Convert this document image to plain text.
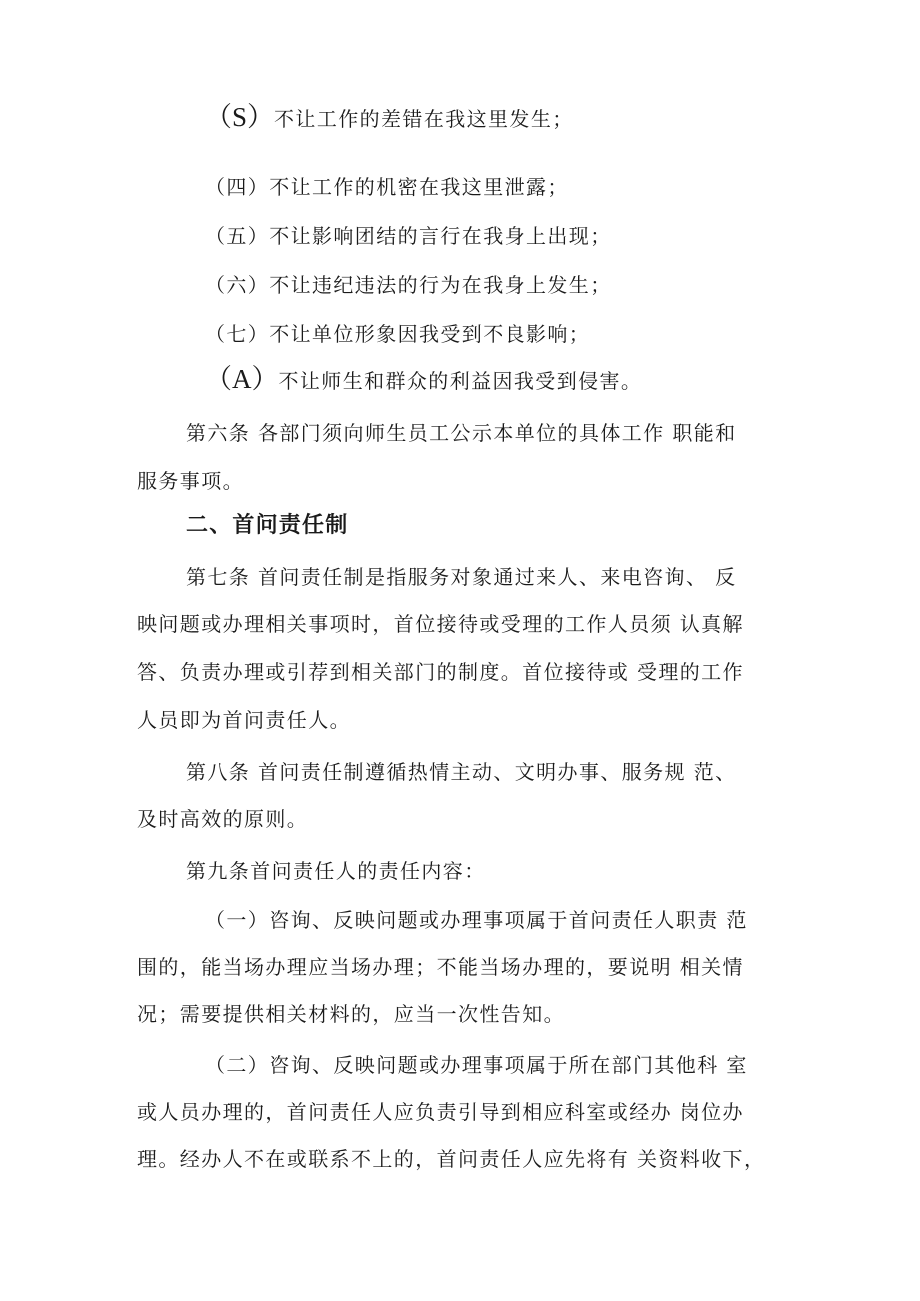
（S）不让工作的差错在我这里发生；
（四）不让工作的机密在我这里泄露；
（五）不让影响团结的言行在我身上出现；
（六）不让违纪违法的行为在我身上发生；
（七）不让单位形象因我受到不良影响；
（A）不让师生和群众的利益因我受到侵害。
第六条 各部门须向师生员工公示本单位的具体工作 职能和
服务事项。
二、首问责任制
第七条 首问责任制是指服务对象通过来人、来电咨询、 反
映问题或办理相关事项时，首位接待或受理的工作人员须 认真解
答、负责办理或引荐到相关部门的制度。首位接待或 受理的工作
人员即为首问责任人。
第八条 首问责任制遵循热情主动、文明办事、服务规 范、
及时高效的原则。
第九条首问责任人的责任内容：
（一）咨询、反映问题或办理事项属于首问责任人职责 范
围的，能当场办理应当场办理；不能当场办理的，要说明 相关情
况；需要提供相关材料的，应当一次性告知。
（二）咨询、反映问题或办理事项属于所在部门其他科 室
或人员办理的，首问责任人应负责引导到相应科室或经办 岗位办
理。经办人不在或联系不上的，首问责任人应先将有 关资料收下，
